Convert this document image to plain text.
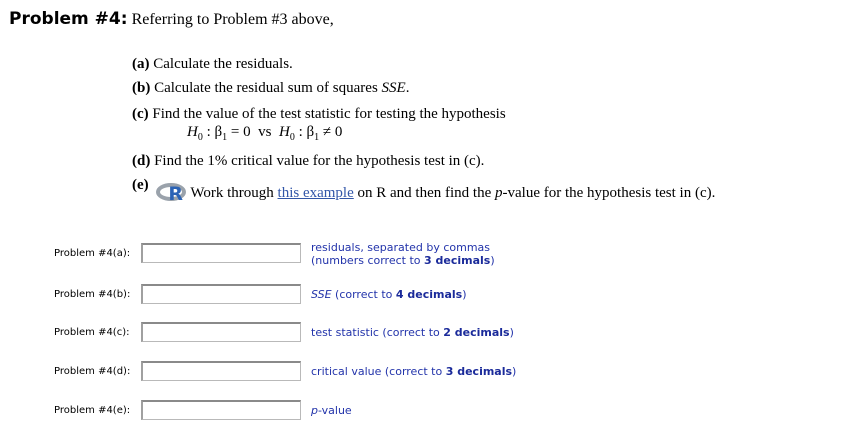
Problem #4: Referring to Problem #3 above,
(a) Calculate the residuals.
(b) Calculate the residual sum of squares SSE.
(c) Find the value of the test statistic for testing the hypothesis
$H_0$ : $\beta_1 = 0$ vs $H_0$ : $\beta_1 \ne 0$
(d) Find the 1% critical value for the hypothesis test in (c).
(e) R Work through this example on R and then find the p-value for the hypothesis test in (c).
Problem #4(a):	residuals, separated by commas
(numbers correct to 3 decimals)
Problem #4(b):	SSE (correct to 4 decimals)
Problem #4(c):	test statistic (correct to 2 decimals)
Problem #4(d):	critical value (correct to 3 decimals)
Problem #4(e):	p-value
